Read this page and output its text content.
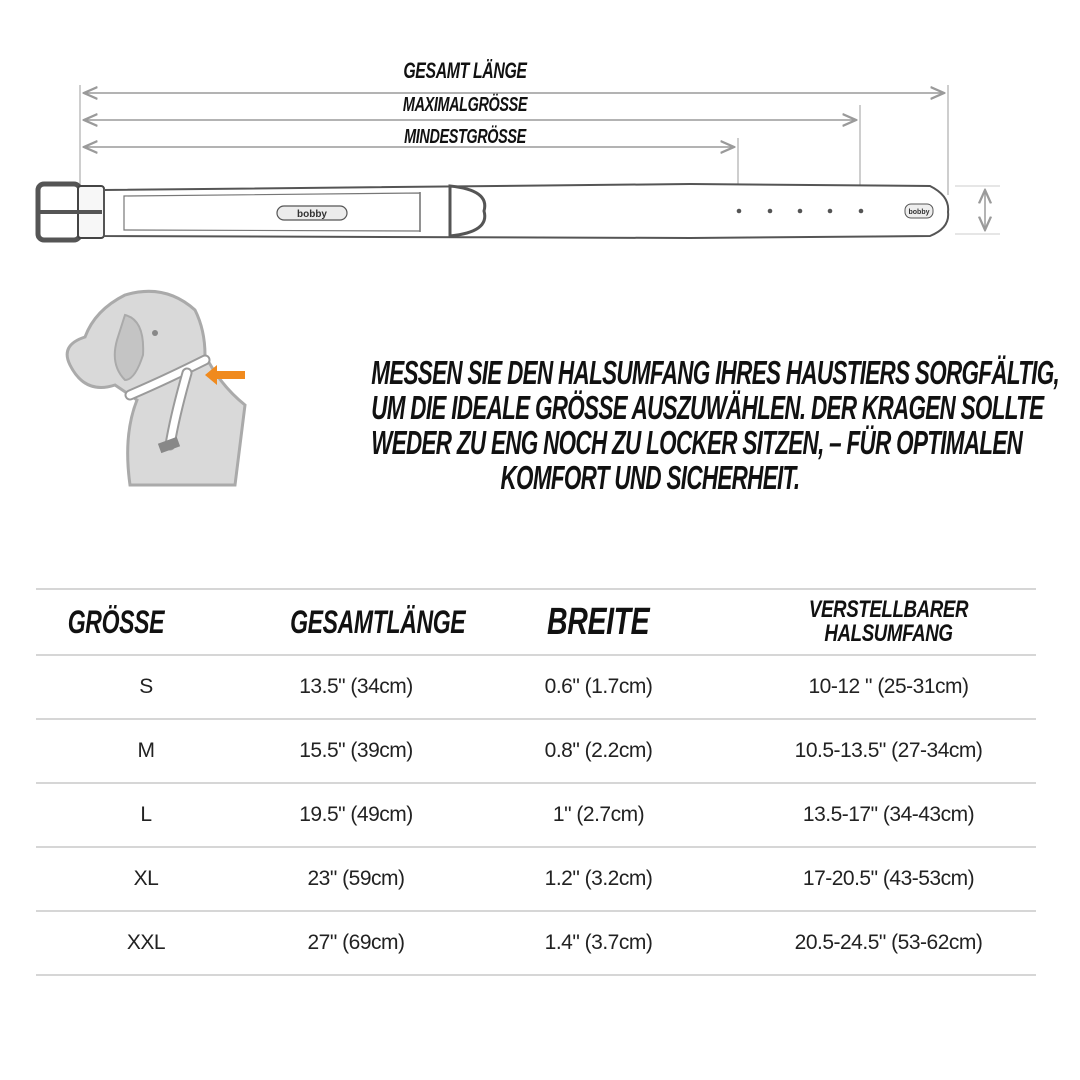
GESAMT LÄNGE
MAXIMALGRÖSSE
MINDESTGRÖSSE
bobby	bobby
MESSEN SIE DEN HALSUMFANG IHRES HAUSTIERS SORGFÄLTIG,
UM DIE IDEALE GRÖSSE AUSZUWÄHLEN. DER KRAGEN SOLLTE
WEDER ZU ENG NOCH ZU LOCKER SITZEN, – FÜR OPTIMALEN
KOMFORT UND SICHERHEIT.
GRÖSSE	GESAMTLÄNGE	BREITE	VERSTELLBARER
HALSUMFANG

S	13.5" (34cm)	0.6" (1.7cm)	10-12 " (25-31cm)
M	15.5" (39cm)	0.8" (2.2cm)	10.5-13.5" (27-34cm)
L	19.5" (49cm)	1" (2.7cm)	13.5-17" (34-43cm)
XL	23" (59cm)	1.2" (3.2cm)	17-20.5" (43-53cm)
XXL	27" (69cm)	1.4" (3.7cm)	20.5-24.5" (53-62cm)
